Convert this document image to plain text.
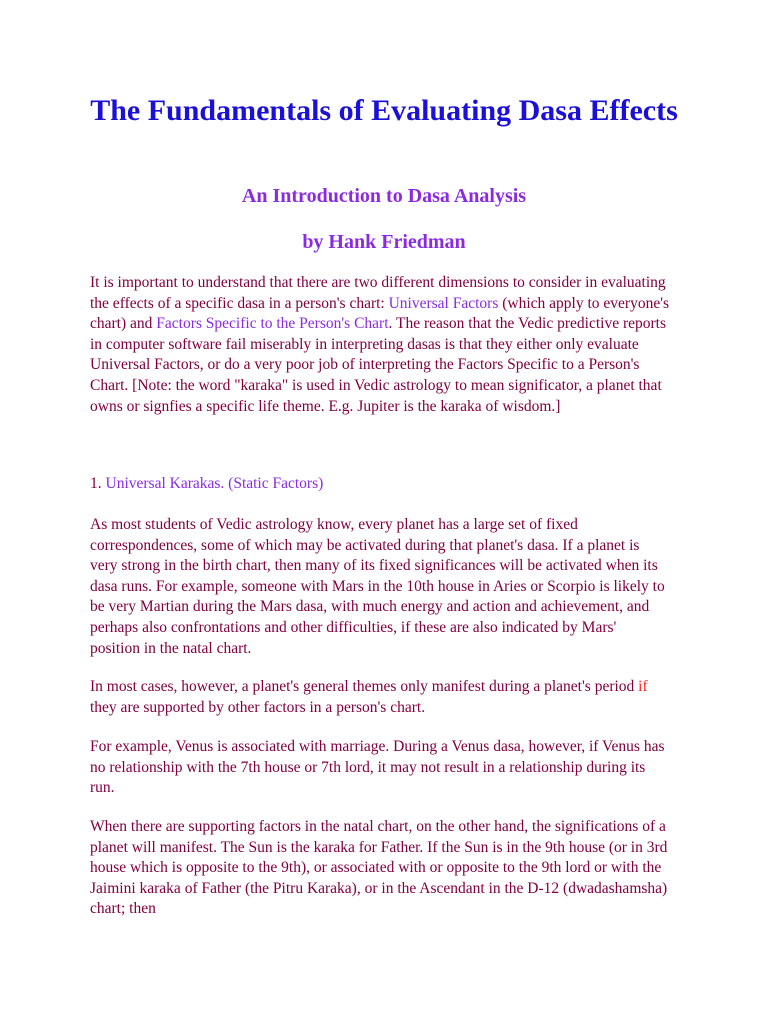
The Fundamentals of Evaluating Dasa Effects
An Introduction to Dasa Analysis
by Hank Friedman

It is important to understand that there are two different dimensions to consider in evaluating the effects of a specific dasa in a person's chart: Universal Factors (which apply to everyone's chart) and Factors Specific to the Person's Chart. The reason that the Vedic predictive reports in computer software fail miserably in interpreting dasas is that they either only evaluate Universal Factors, or do a very poor job of interpreting the Factors Specific to a Person's Chart. [Note: the word "karaka" is used in Vedic astrology to mean significator, a planet that owns or signfies a specific life theme. E.g. Jupiter is the karaka of wisdom.]

1. Universal Karakas. (Static Factors)

As most students of Vedic astrology know, every planet has a large set of fixed correspondences, some of which may be activated during that planet's dasa. If a planet is very strong in the birth chart, then many of its fixed significances will be activated when its dasa runs. For example, someone with Mars in the 10th house in Aries or Scorpio is likely to be very Martian during the Mars dasa, with much energy and action and achievement, and perhaps also confrontations and other difficulties, if these are also indicated by Mars' position in the natal chart.

In most cases, however, a planet's general themes only manifest during a planet's period if they are supported by other factors in a person's chart.

For example, Venus is associated with marriage. During a Venus dasa, however, if Venus has no relationship with the 7th house or 7th lord, it may not result in a relationship during its run.

When there are supporting factors in the natal chart, on the other hand, the significations of a planet will manifest. The Sun is the karaka for Father. If the Sun is in the 9th house (or in 3rd house which is opposite to the 9th), or associated with or opposite to the 9th lord or with the Jaimini karaka of Father (the Pitru Karaka), or in the Ascendant in the D-12 (dwadashamsha) chart; then
